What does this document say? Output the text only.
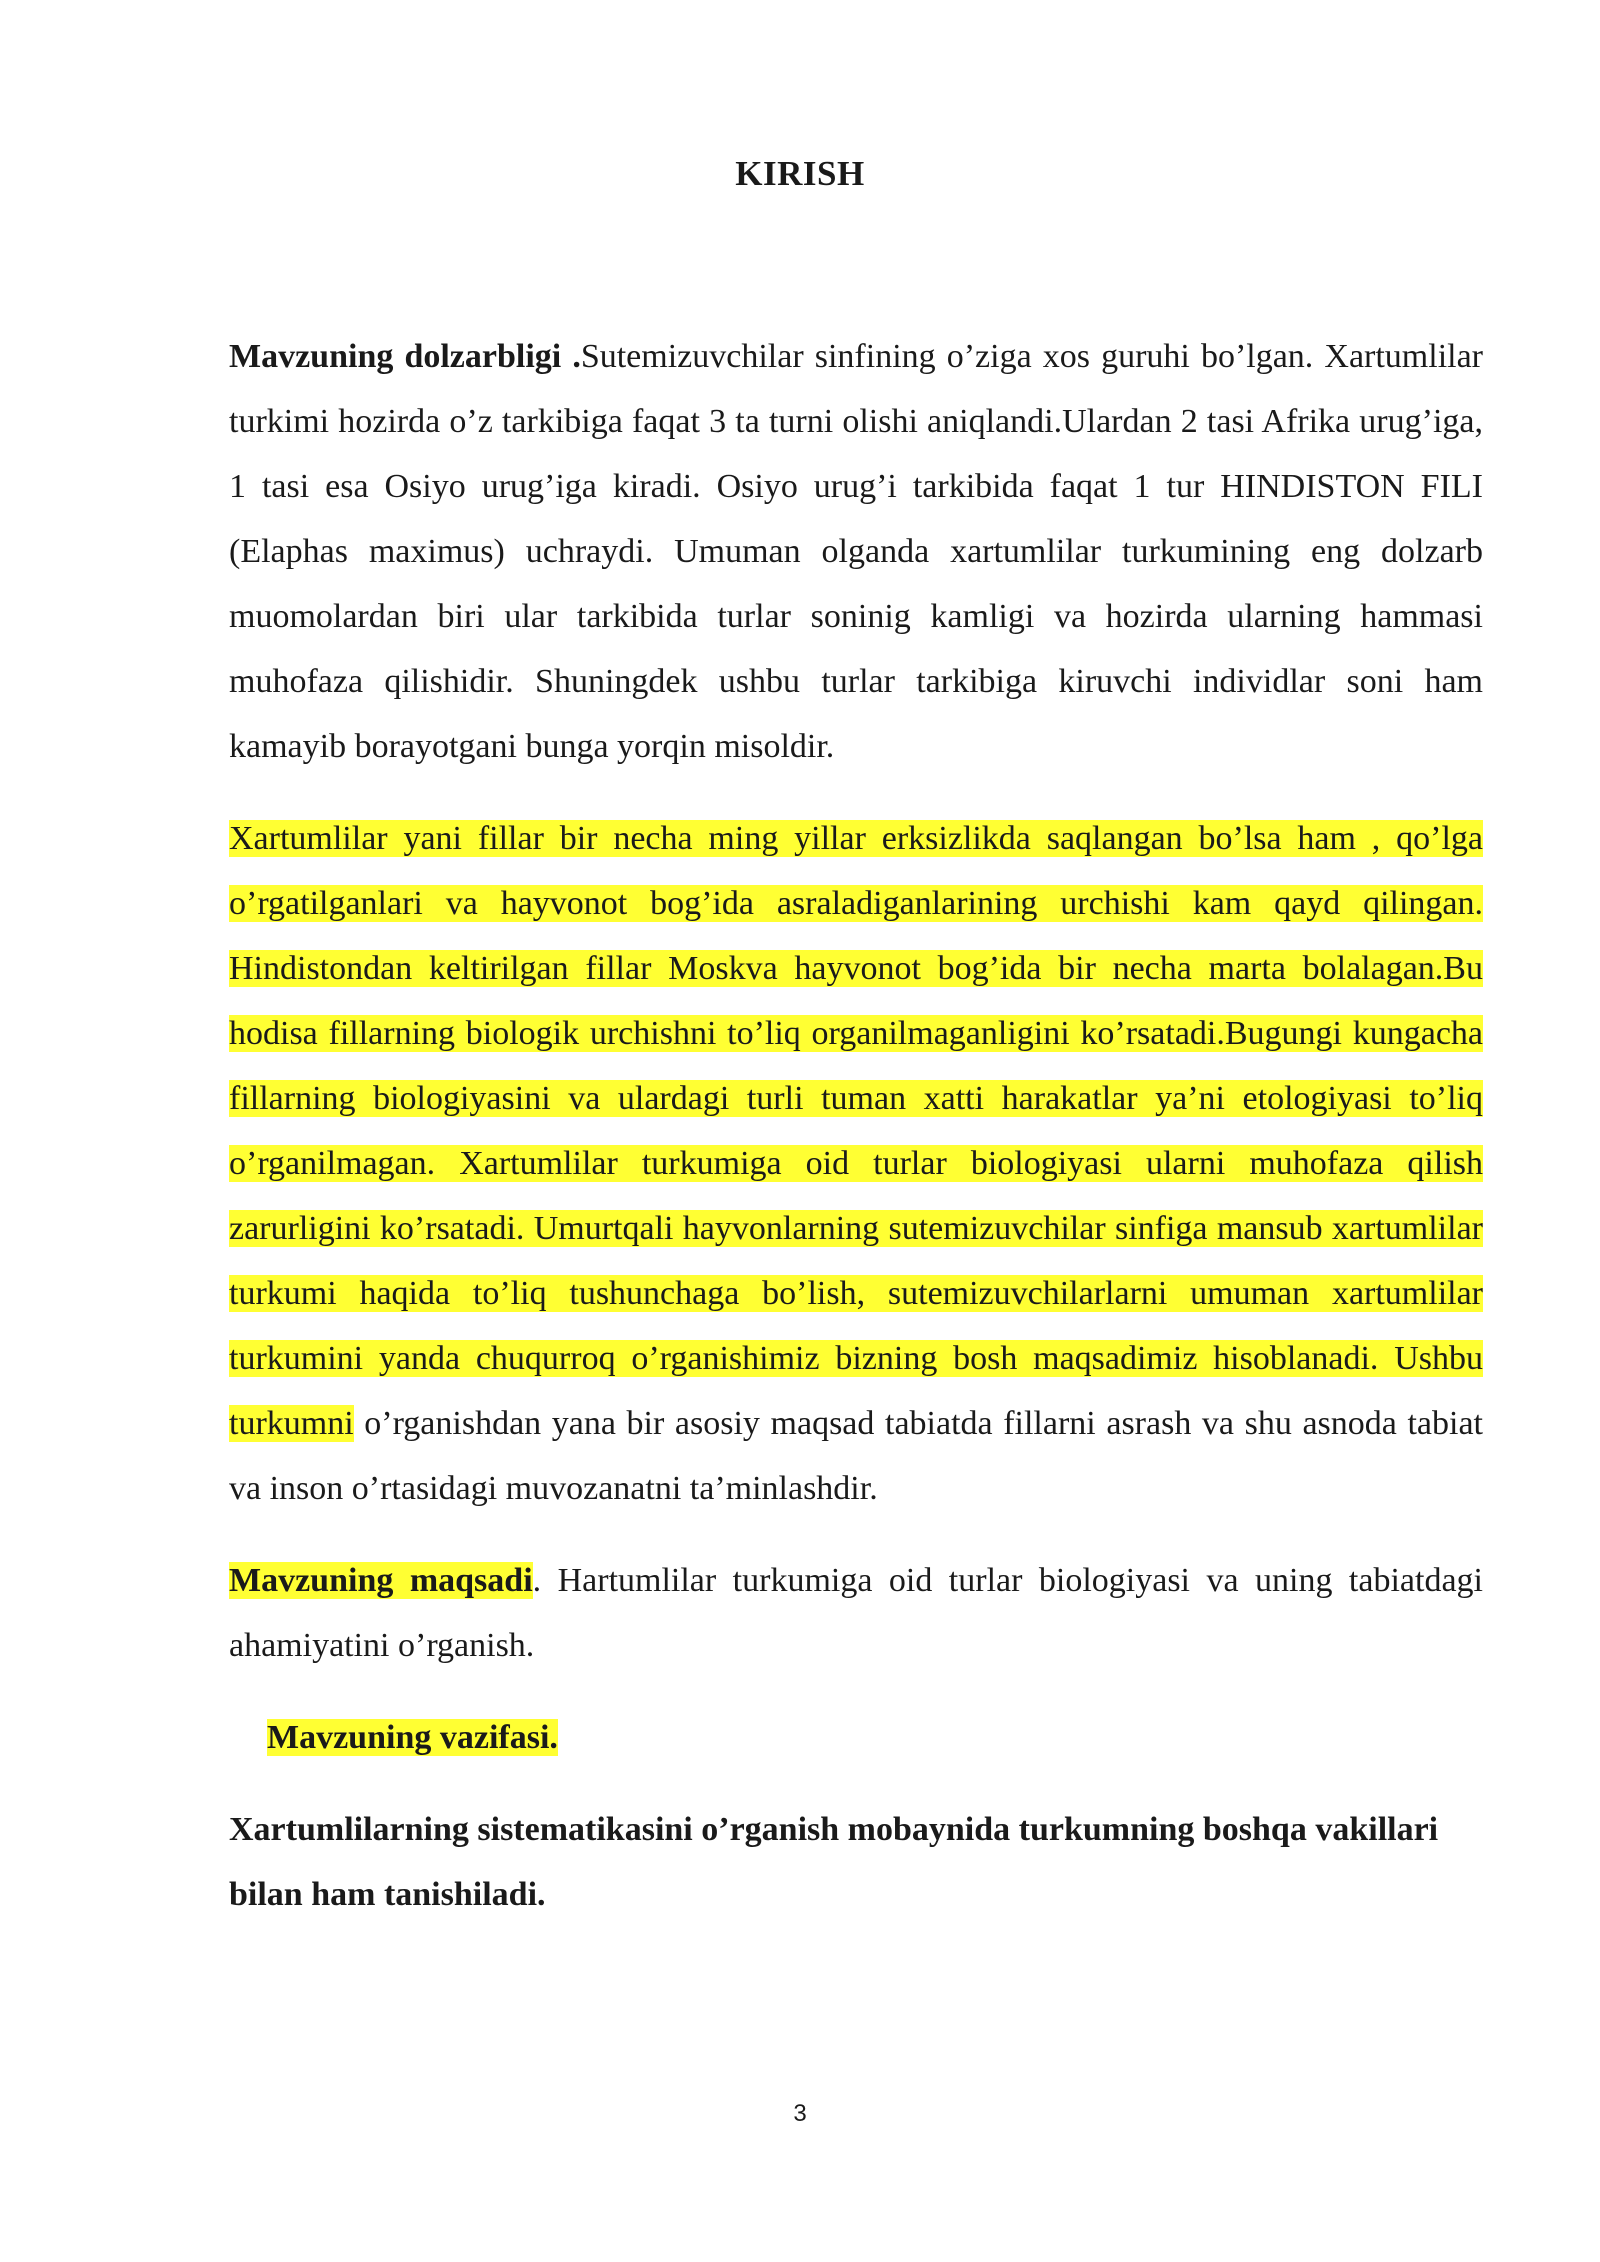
KIRISH

Mavzuning dolzarbligi .Sutemizuvchilar sinfining o’ziga xos guruhi bo’lgan. Xartumlilar turkimi hozirda o’z tarkibiga faqat 3 ta turni olishi aniqlandi.Ulardan 2 tasi Afrika urug’iga, 1 tasi esa Osiyo urug’iga kiradi. Osiyo urug’i tarkibida faqat 1 tur HINDISTON FILI (Elaphas maximus) uchraydi. Umuman olganda xartumlilar turkumining eng dolzarb muomolardan biri ular tarkibida turlar soninig kamligi va hozirda ularning hammasi muhofaza qilishidir. Shuningdek ushbu turlar tarkibiga kiruvchi individlar soni ham kamayib borayotgani bunga yorqin misoldir.

Xartumlilar yani fillar bir necha ming yillar erksizlikda saqlangan bo’lsa ham , qo’lga o’rgatilganlari va hayvonot bog’ida asraladiganlarining urchishi kam qayd qilingan. Hindistondan keltirilgan fillar Moskva hayvonot bog’ida bir necha marta bolalagan.Bu hodisa fillarning biologik urchishni to’liq organilmaganligini ko’rsatadi.Bugungi kungacha fillarning biologiyasini va ulardagi turli tuman xatti harakatlar ya’ni etologiyasi to’liq o’rganilmagan. Xartumlilar turkumiga oid turlar biologiyasi ularni muhofaza qilish zarurligini ko’rsatadi. Umurtqali hayvonlarning sutemizuvchilar sinfiga mansub xartumlilar turkumi haqida to’liq tushunchaga bo’lish, sutemizuvchilarlarni umuman xartumlilar turkumini yanda chuqurroq o’rganishimiz bizning bosh maqsadimiz hisoblanadi. Ushbu turkumni o’rganishdan yana bir asosiy maqsad tabiatda fillarni asrash va shu asnoda tabiat va inson o’rtasidagi muvozanatni ta’minlashdir.

Mavzuning maqsadi. Hartumlilar turkumiga oid turlar biologiyasi va uning tabiatdagi ahamiyatini o’rganish.

Mavzuning vazifasi.

Xartumlilarning sistematikasini o’rganish mobaynida turkumning boshqa vakillari bilan ham tanishiladi.

3
